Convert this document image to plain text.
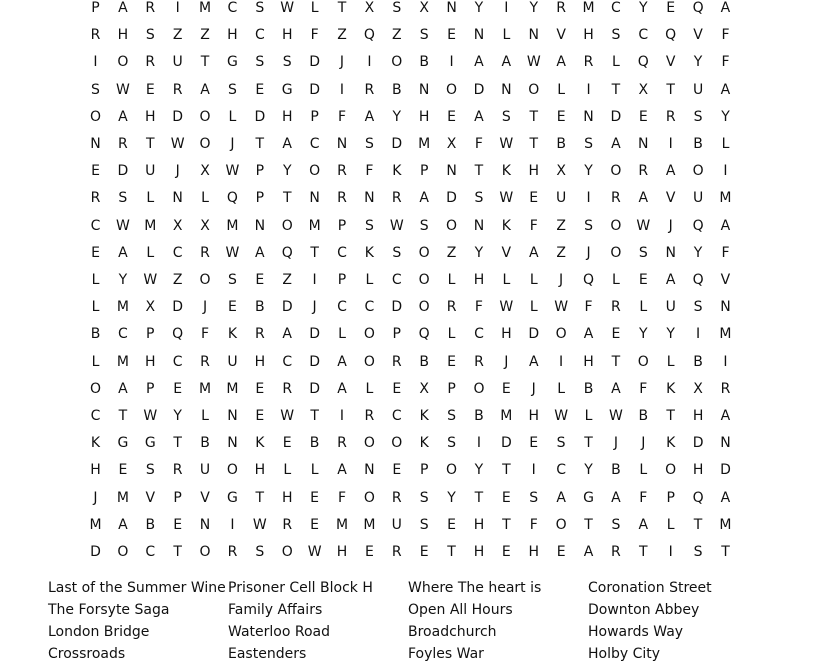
P	A	R	I	M	C	S	W	L	T	X	S	X	N	Y	I	Y	R	M	C	Y	E	Q	A
R	H	S	Z	Z	H	C	H	F	Z	Q	Z	S	E	N	L	N	V	H	S	C	Q	V	F
I	O	R	U	T	G	S	S	D	J	I	O	B	I	A	A	W	A	R	L	Q	V	Y	F
S	W	E	R	A	S	E	G	D	I	R	B	N	O	D	N	O	L	I	T	X	T	U	A
O	A	H	D	O	L	D	H	P	F	A	Y	H	E	A	S	T	E	N	D	E	R	S	Y
N	R	T	W	O	J	T	A	C	N	S	D	M	X	F	W	T	B	S	A	N	I	B	L
E	D	U	J	X	W	P	Y	O	R	F	K	P	N	T	K	H	X	Y	O	R	A	O	I
R	S	L	N	L	Q	P	T	N	R	N	R	A	D	S	W	E	U	I	R	A	V	U	M
C	W	M	X	X	M	N	O	M	P	S	W	S	O	N	K	F	Z	S	O	W	J	Q	A
E	A	L	C	R	W	A	Q	T	C	K	S	O	Z	Y	V	A	Z	J	O	S	N	Y	F
L	Y	W	Z	O	S	E	Z	I	P	L	C	O	L	H	L	L	J	Q	L	E	A	Q	V
L	M	X	D	J	E	B	D	J	C	C	D	O	R	F	W	L	W	F	R	L	U	S	N
B	C	P	Q	F	K	R	A	D	L	O	P	Q	L	C	H	D	O	A	E	Y	Y	I	M
L	M	H	C	R	U	H	C	D	A	O	R	B	E	R	J	A	I	H	T	O	L	B	I
O	A	P	E	M	M	E	R	D	A	L	E	X	P	O	E	J	L	B	A	F	K	X	R
C	T	W	Y	L	N	E	W	T	I	R	C	K	S	B	M	H	W	L	W	B	T	H	A
K	G	G	T	B	N	K	E	B	R	O	O	K	S	I	D	E	S	T	J	J	K	D	N
H	E	S	R	U	O	H	L	L	A	N	E	P	O	Y	T	I	C	Y	B	L	O	H	D
J	M	V	P	V	G	T	H	E	F	O	R	S	Y	T	E	S	A	G	A	F	P	Q	A
M	A	B	E	N	I	W	R	E	M	M	U	S	E	H	T	F	O	T	S	A	L	T	M
D	O	C	T	O	R	S	O	W	H	E	R	E	T	H	E	H	E	A	R	T	I	S	T
Last of the Summer Wine
The Forsyte Saga
London Bridge
Crossroads
Prisoner Cell Block H
Family Affairs
Waterloo Road
Eastenders
Where The heart is
Open All Hours
Broadchurch
Foyles War
Coronation Street
Downton Abbey
Howards Way
Holby City
